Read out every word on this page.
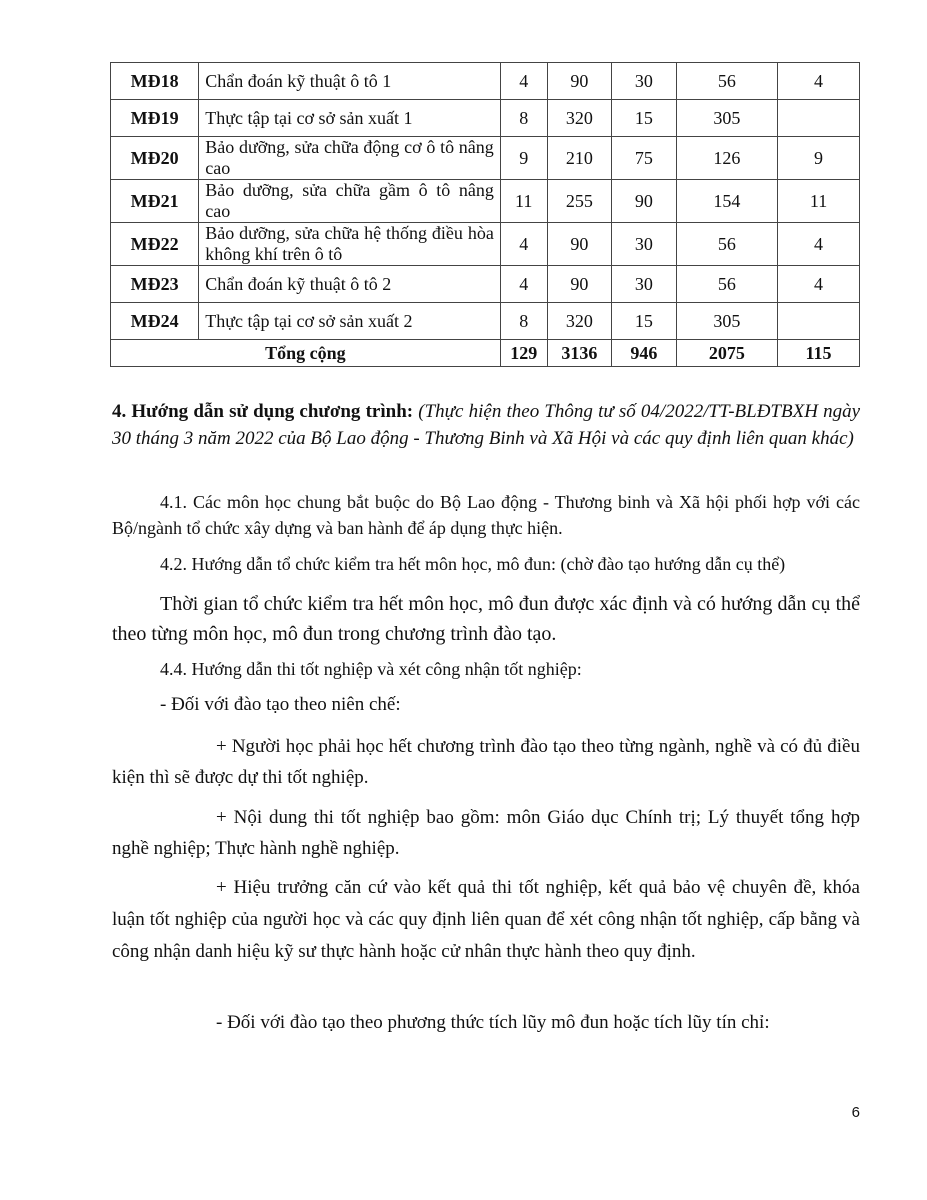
MĐ18	Chẩn đoán kỹ thuật ô tô 1	4	90	30	56	4
MĐ19	Thực tập tại cơ sở sản xuất 1	8	320	15	305	
MĐ20	Bảo dưỡng, sửa chữa động cơ ô tô nâng cao	9	210	75	126	9
MĐ21	Bảo dưỡng, sửa chữa gầm ô tô nâng cao	11	255	90	154	11
MĐ22	Bảo dưỡng, sửa chữa hệ thống điều hòa không khí trên ô tô	4	90	30	56	4
MĐ23	Chẩn đoán kỹ thuật ô tô 2	4	90	30	56	4
MĐ24	Thực tập tại cơ sở sản xuất 2	8	320	15	305	
Tổng cộng		129	3136	946	2075	115
4. Hướng dẫn sử dụng chương trình: (Thực hiện theo Thông tư số 04/2022/TT-BLĐTBXH ngày 30 tháng 3 năm 2022 của Bộ Lao động - Thương Binh và Xã Hội và các quy định liên quan khác)
4.1. Các môn học chung bắt buộc do Bộ Lao động - Thương binh và Xã hội phối hợp với các Bộ/ngành tổ chức xây dựng và ban hành để áp dụng thực hiện.
4.2. Hướng dẫn tổ chức kiểm tra hết môn học, mô đun: (chờ đào tạo hướng dẫn cụ thể)
Thời gian tổ chức kiểm tra hết môn học, mô đun được xác định và có hướng dẫn cụ thể theo từng môn học, mô đun trong chương trình đào tạo.
4.4. Hướng dẫn thi tốt nghiệp và xét công nhận tốt nghiệp:
- Đối với đào tạo theo niên chế:
+ Người học phải học hết chương trình đào tạo theo từng ngành, nghề và có đủ điều kiện thì sẽ được dự thi tốt nghiệp.
+ Nội dung thi tốt nghiệp bao gồm: môn Giáo dục Chính trị; Lý thuyết tổng hợp nghề nghiệp; Thực hành nghề nghiệp.
+ Hiệu trưởng căn cứ vào kết quả thi tốt nghiệp, kết quả bảo vệ chuyên đề, khóa luận tốt nghiệp của người học và các quy định liên quan để xét công nhận tốt nghiệp, cấp bằng và công nhận danh hiệu kỹ sư thực hành hoặc cử nhân thực hành theo quy định.
- Đối với đào tạo theo phương thức tích lũy mô đun hoặc tích lũy tín chỉ:
6
